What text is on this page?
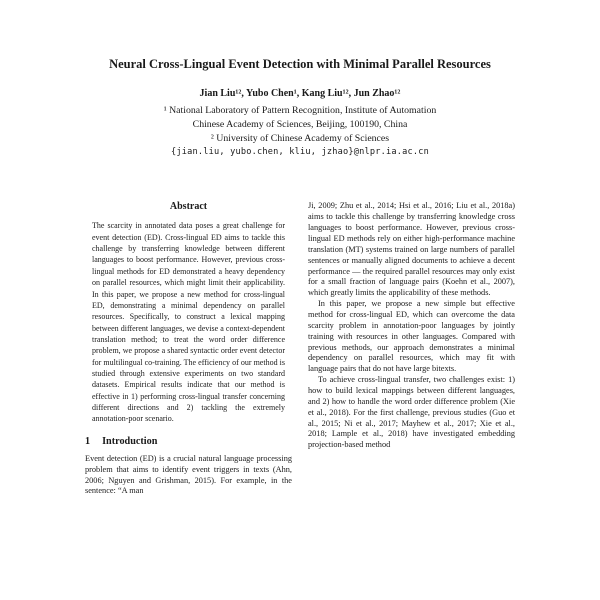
Neural Cross-Lingual Event Detection with Minimal Parallel Resources
Jian Liu¹², Yubo Chen¹, Kang Liu¹², Jun Zhao¹²
¹ National Laboratory of Pattern Recognition, Institute of Automation
Chinese Academy of Sciences, Beijing, 100190, China
² University of Chinese Academy of Sciences
{jian.liu, yubo.chen, kliu, jzhao}@nlpr.ia.ac.cn
Abstract

The scarcity in annotated data poses a great challenge for event detection (ED). Cross-lingual ED aims to tackle this challenge by transferring knowledge between different languages to boost performance. However, previous cross-lingual methods for ED demonstrated a heavy dependency on parallel resources, which might limit their applicability. In this paper, we propose a new method for cross-lingual ED, demonstrating a minimal dependency on parallel resources. Specifically, to construct a lexical mapping between different languages, we devise a context-dependent translation method; to treat the word order difference problem, we propose a shared syntactic order event detector for multilingual co-training. The efficiency of our method is studied through extensive experiments on two standard datasets. Empirical results indicate that our method is effective in 1) performing cross-lingual transfer concerning different directions and 2) tackling the extremely annotation-poor scenario.

1 Introduction

Event detection (ED) is a crucial natural language processing problem that aims to identify event triggers in texts (Ahn, 2006; Nguyen and Grishman, 2015). For example, in the sentence: “A man

Ji, 2009; Zhu et al., 2014; Hsi et al., 2016; Liu et al., 2018a) aims to tackle this challenge by transferring knowledge cross languages to boost performance. However, previous cross-lingual ED methods rely on either high-performance machine translation (MT) systems trained on large numbers of parallel sentences or manually aligned documents to achieve a decent performance — the required parallel resources may only exist for a small fraction of language pairs (Koehn et al., 2007), which greatly limits the applicability of these methods.

In this paper, we propose a new simple but effective method for cross-lingual ED, which can overcome the data scarcity problem in annotation-poor languages by jointly training with resources in other languages. Compared with previous methods, our approach demonstrates a minimal dependency on parallel resources, which may fit with language pairs that do not have large bitexts.

To achieve cross-lingual transfer, two challenges exist: 1) how to build lexical mappings between different languages, and 2) how to handle the word order difference problem (Xie et al., 2018). For the first challenge, previous studies (Guo et al., 2015; Ni et al., 2017; Mayhew et al., 2017; Xie et al., 2018; Lample et al., 2018) have investigated embedding projection-based method
